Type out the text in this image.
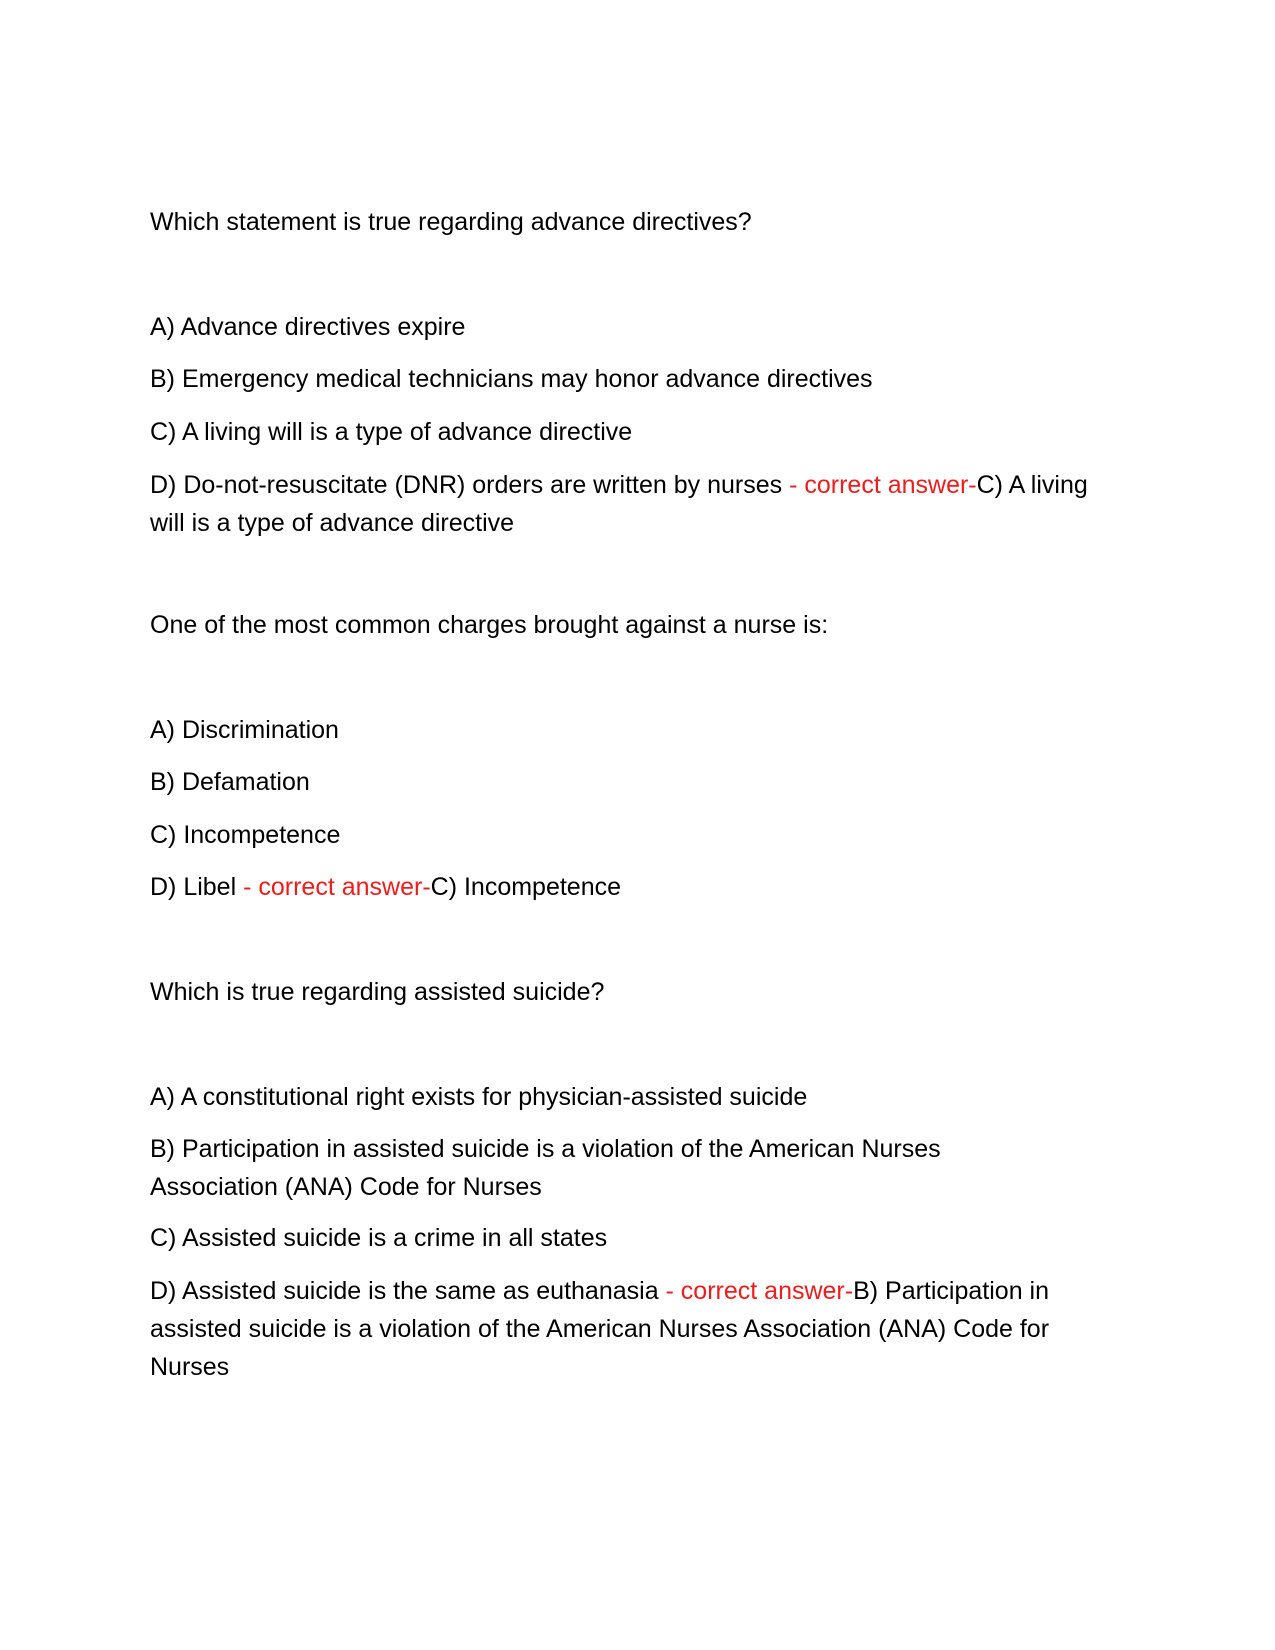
Which statement is true regarding advance directives?
A) Advance directives expire
B) Emergency medical technicians may honor advance directives
C) A living will is a type of advance directive
D) Do-not-resuscitate (DNR) orders are written by nurses - correct answer-C) A living will is a type of advance directive
One of the most common charges brought against a nurse is:
A) Discrimination
B) Defamation
C) Incompetence
D) Libel - correct answer-C) Incompetence
Which is true regarding assisted suicide?
A) A constitutional right exists for physician-assisted suicide
B) Participation in assisted suicide is a violation of the American Nurses Association (ANA) Code for Nurses
C) Assisted suicide is a crime in all states
D) Assisted suicide is the same as euthanasia - correct answer-B) Participation in assisted suicide is a violation of the American Nurses Association (ANA) Code for Nurses
